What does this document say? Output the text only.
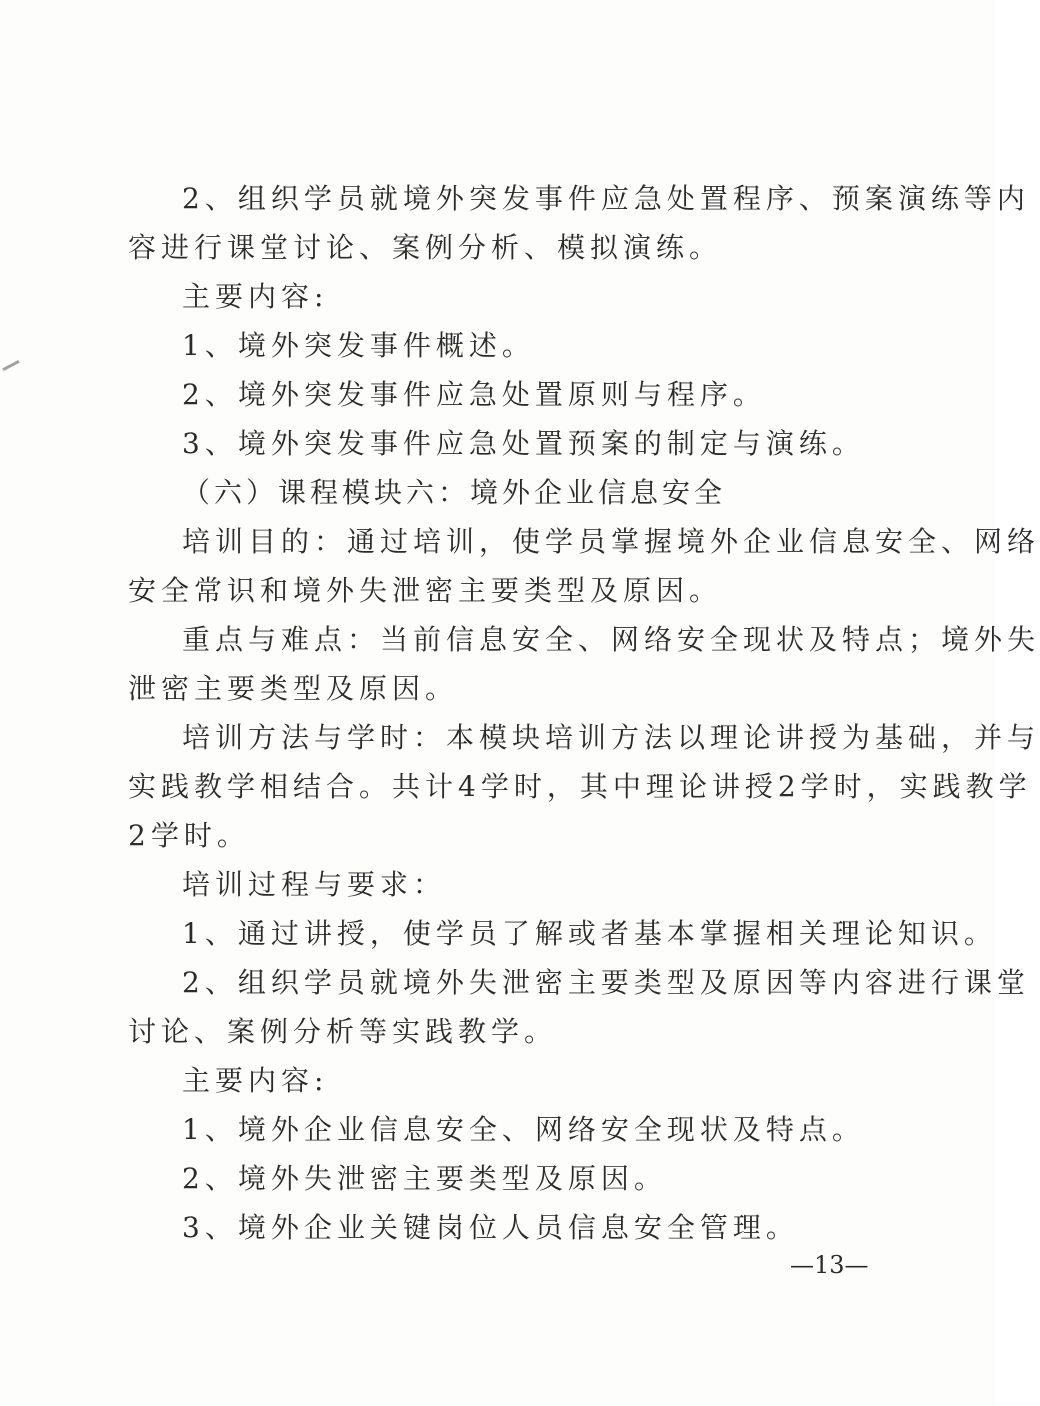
2、组织学员就境外突发事件应急处置程序、预案演练等内

容进行课堂讨论、案例分析、模拟演练。

主要内容:

1、境外突发事件概述。

2、境外突发事件应急处置原则与程序。

3、境外突发事件应急处置预案的制定与演练。

（六）课程模块六：境外企业信息安全

培训目的：通过培训，使学员掌握境外企业信息安全、网络

安全常识和境外失泄密主要类型及原因。

重点与难点：当前信息安全、网络安全现状及特点；境外失

泄密主要类型及原因。

培训方法与学时：本模块培训方法以理论讲授为基础，并与

实践教学相结合。共计4学时，其中理论讲授2学时，实践教学

2学时。

培训过程与要求：

1、通过讲授，使学员了解或者基本掌握相关理论知识。

2、组织学员就境外失泄密主要类型及原因等内容进行课堂

讨论、案例分析等实践教学。

主要内容:

1、境外企业信息安全、网络安全现状及特点。

2、境外失泄密主要类型及原因。

3、境外企业关键岗位人员信息安全管理。

—13—
